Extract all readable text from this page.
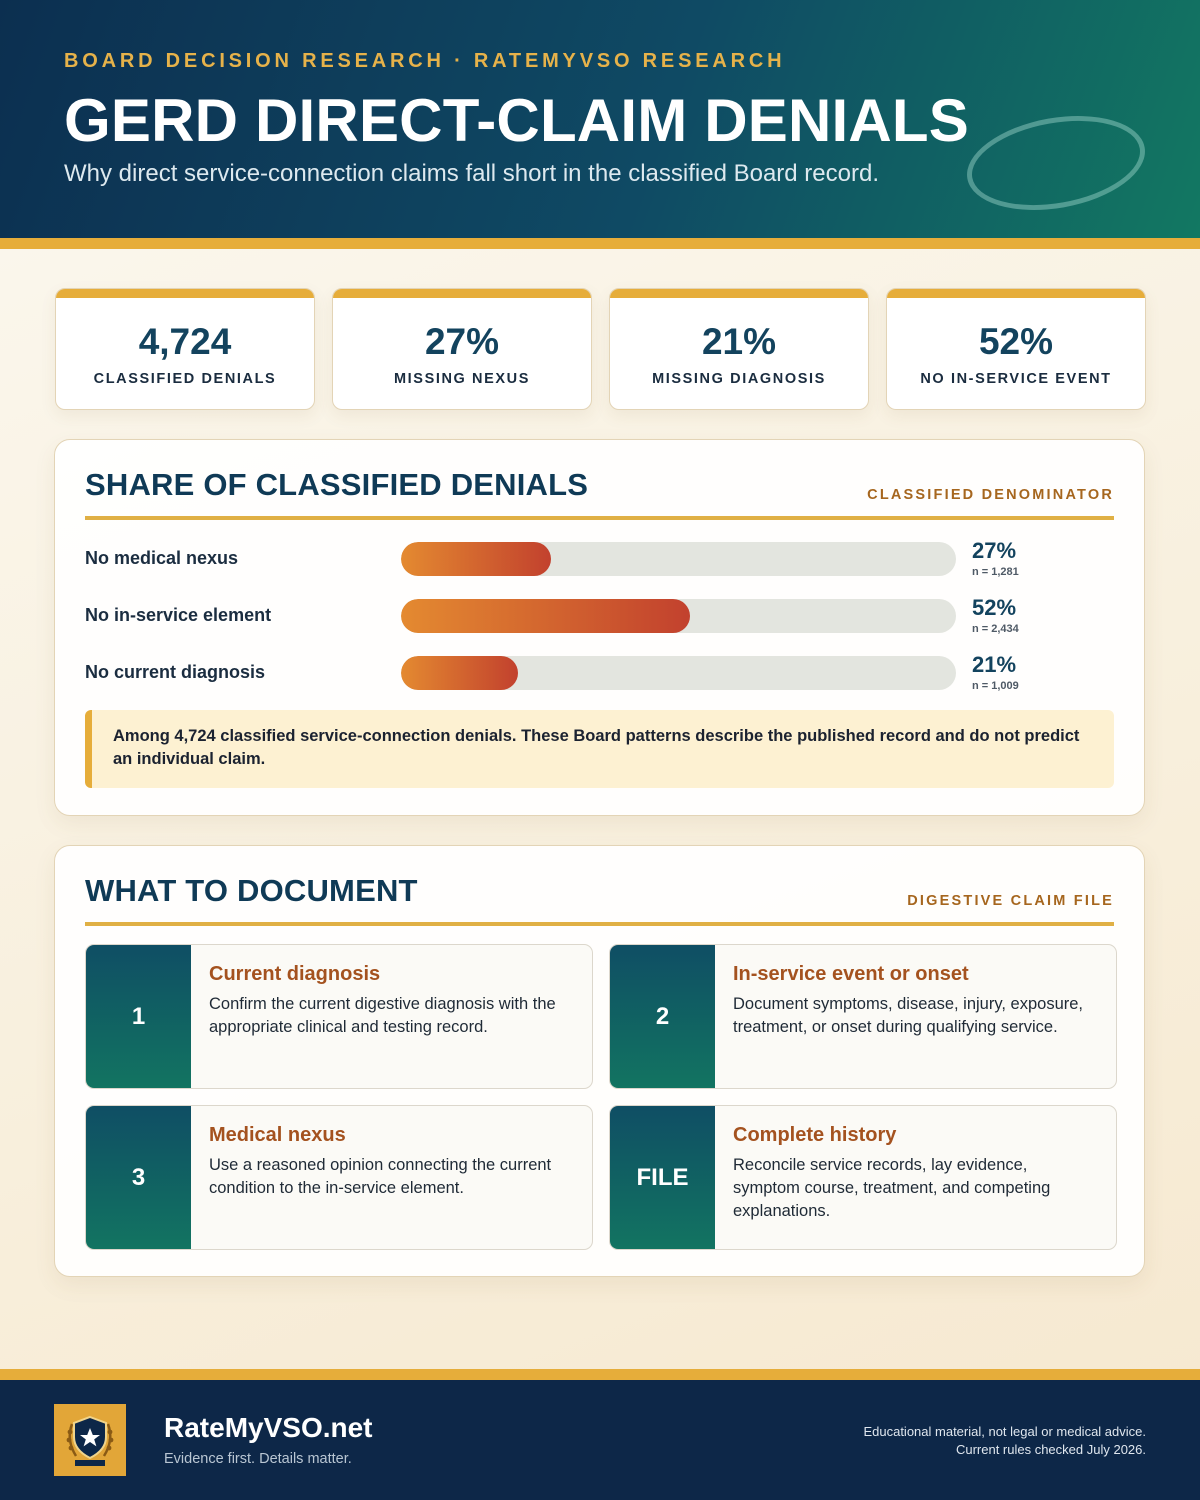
BOARD DECISION RESEARCH · RATEMYVSO RESEARCH
GERD DIRECT-CLAIM DENIALS
Why direct service-connection claims fall short in the classified Board record.
4,724
CLASSIFIED DENIALS
27%
MISSING NEXUS
21%
MISSING DIAGNOSIS
52%
NO IN-SERVICE EVENT
SHARE OF CLASSIFIED DENIALS	CLASSIFIED DENOMINATOR
No medical nexus	27%
n = 1,281
No in-service element	52%
n = 2,434
No current diagnosis	21%
n = 1,009
Among 4,724 classified service-connection denials. These Board patterns describe the published record and do not predict an individual claim.
WHAT TO DOCUMENT	DIGESTIVE CLAIM FILE
1
Current diagnosis
Confirm the current digestive diagnosis with the appropriate clinical and testing record.	2
In-service event or onset
Document symptoms, disease, injury, exposure, treatment, or onset during qualifying service.
3
Medical nexus
Use a reasoned opinion connecting the current condition to the in-service element.	FILE
Complete history
Reconcile service records, lay evidence, symptom course, treatment, and competing explanations.
RateMyVSO.net
Evidence first. Details matter.
Educational material, not legal or medical advice.
Current rules checked July 2026.
